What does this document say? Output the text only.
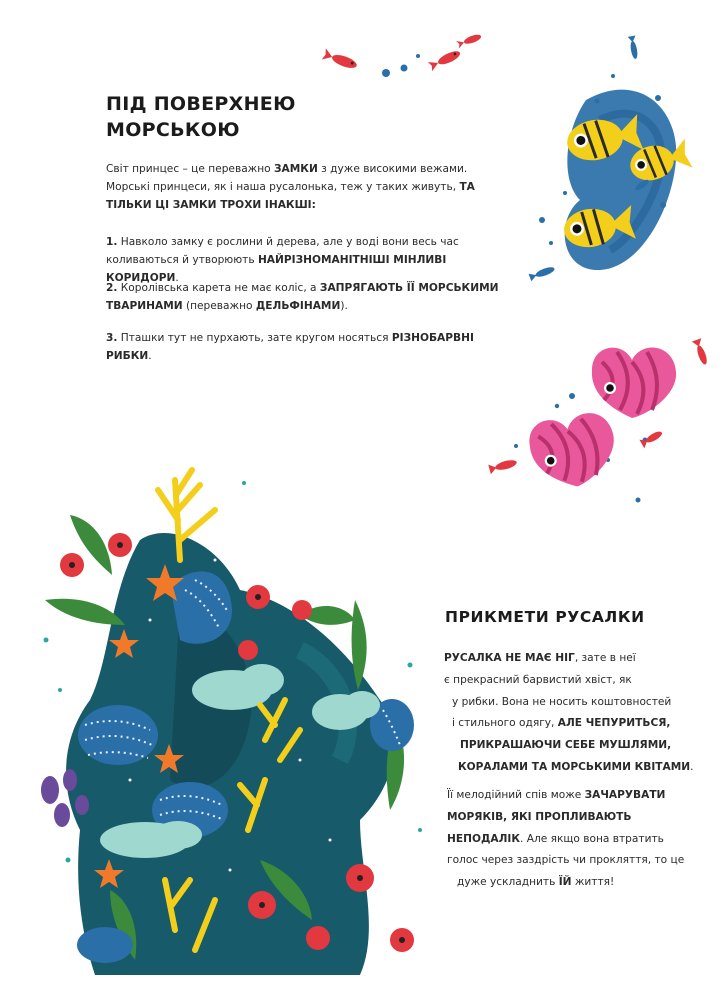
ПІД ПОВЕРХНЕЮ
МОРСЬКОЮ

Світ принцес – це переважно ЗАМКИ з дуже високими вежами. Морські принцеси, як і наша русалонька, теж у таких живуть, ТА ТІЛЬКИ ЦІ ЗАМКИ ТРОХИ ІНАКШІ:

1. Навколо замку є рослини й дерева, але у воді вони весь час коливаються й утворюють НАЙРІЗНОМАНІТНІШІ МІНЛИВІ КОРИДОРИ.

2. Королівська карета не має коліс, а ЗАПРЯГАЮТЬ ЇЇ МОРСЬКИМИ ТВАРИНАМИ (переважно ДЕЛЬФІНАМИ).

3. Пташки тут не пурхають, зате кругом носяться РІЗНОБАРВНІ РИБКИ.

ПРИКМЕТИ РУСАЛКИ
РУСАЛКА НЕ МАЄ НІГ, зате в неї
є прекрасний барвистий хвіст, як
у рибки. Вона не носить коштовностей
і стильного одягу, АЛЕ ЧЕПУРИТЬСЯ,
ПРИКРАШАЮЧИ СЕБЕ МУШЛЯМИ,
КОРАЛАМИ ТА МОРСЬКИМИ КВІТАМИ.
Її мелодійний спів може ЗАЧАРУВАТИ
МОРЯКІВ, ЯКІ ПРОПЛИВАЮТЬ
НЕПОДАЛІК. Але якщо вона втратить
голос через заздрість чи прокляття, то це
дуже ускладнить ЇЙ життя!
